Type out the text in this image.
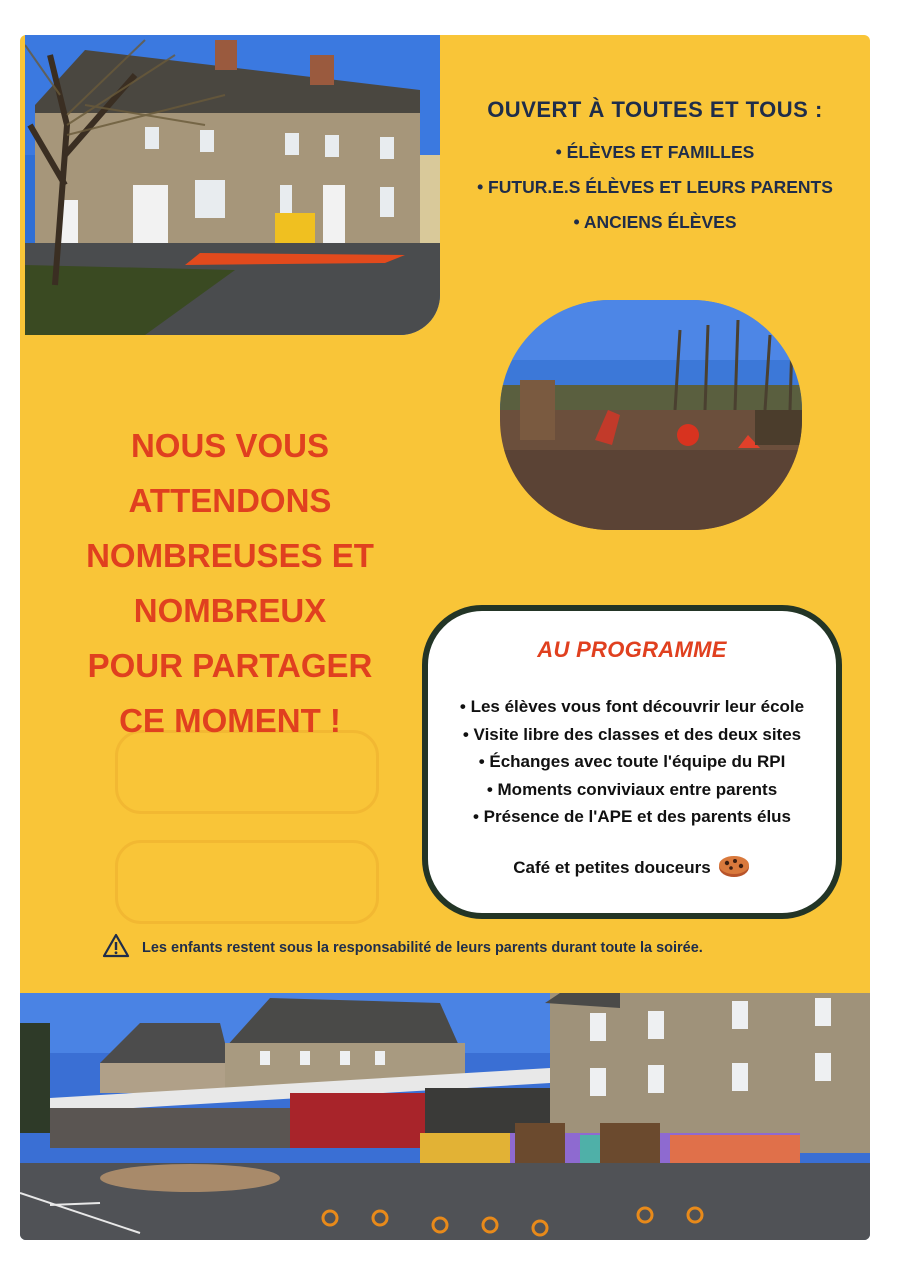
OUVERT À TOUTES ET TOUS :
• ÉLÈVES ET FAMILLES
• FUTUR.E.S ÉLÈVES ET LEURS PARENTS
• ANCIENS ÉLÈVES
NOUS VOUS
ATTENDONS
NOMBREUSES ET
NOMBREUX
POUR PARTAGER
CE MOMENT !
AU PROGRAMME
• Les élèves vous font découvrir leur école
• Visite libre des classes et des deux sites
• Échanges avec toute l'équipe du RPI
• Moments conviviaux entre parents
• Présence de l'APE et des parents élus
Café et petites douceurs
Les enfants restent sous la responsabilité de leurs parents durant toute la soirée.
